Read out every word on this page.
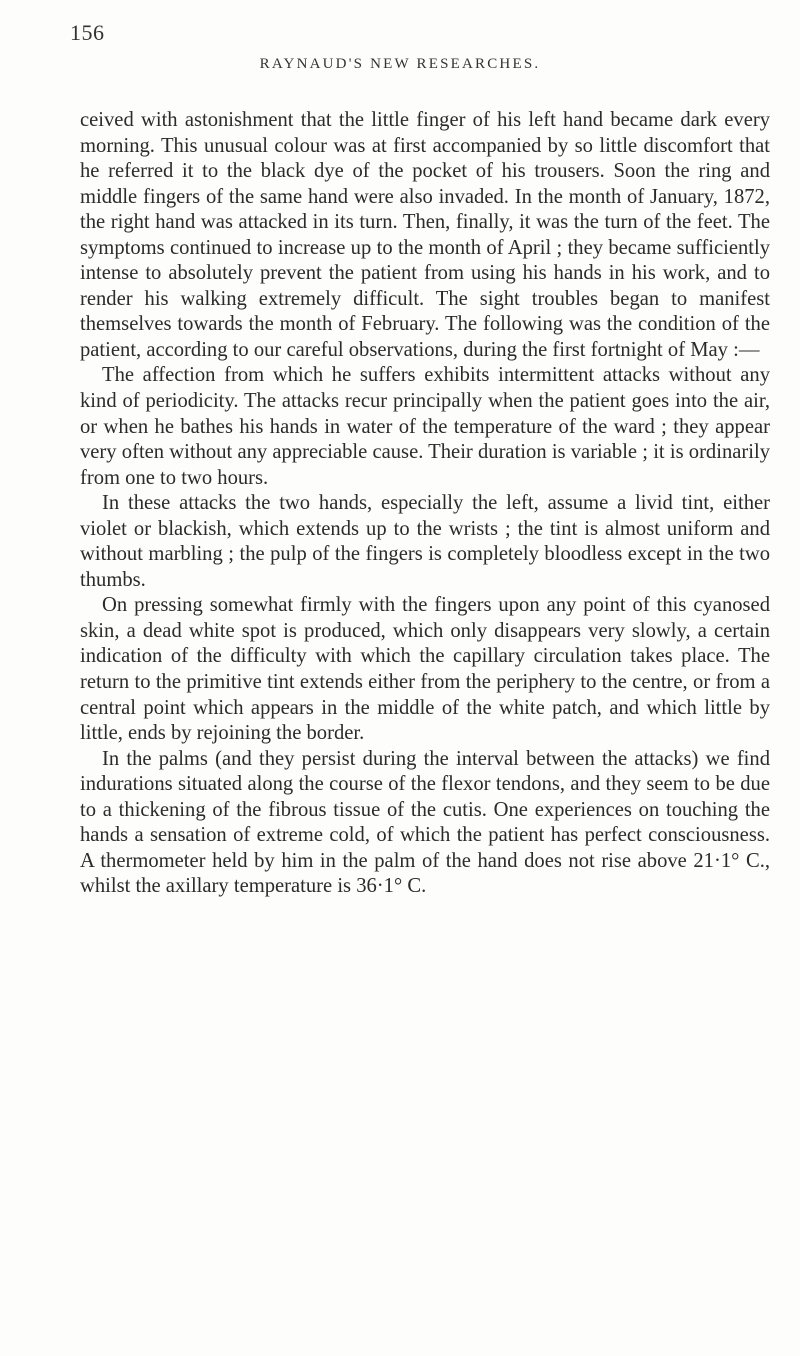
156
RAYNAUD'S NEW RESEARCHES.

ceived with astonishment that the little finger of his left hand became dark every morning. This unusual colour was at first accompanied by so little discomfort that he referred it to the black dye of the pocket of his trousers. Soon the ring and middle fingers of the same hand were also invaded. In the month of January, 1872, the right hand was attacked in its turn. Then, finally, it was the turn of the feet. The symptoms continued to increase up to the month of April ; they became sufficiently intense to absolutely prevent the patient from using his hands in his work, and to render his walking extremely difficult. The sight troubles began to manifest themselves towards the month of February. The following was the condition of the patient, according to our careful observations, during the first fortnight of May :—

The affection from which he suffers exhibits intermittent attacks without any kind of periodicity. The attacks recur principally when the patient goes into the air, or when he bathes his hands in water of the temperature of the ward ; they appear very often without any appreciable cause. Their duration is variable ; it is ordinarily from one to two hours.

In these attacks the two hands, especially the left, assume a livid tint, either violet or blackish, which extends up to the wrists ; the tint is almost uniform and without marbling ; the pulp of the fingers is completely bloodless except in the two thumbs.

On pressing somewhat firmly with the fingers upon any point of this cyanosed skin, a dead white spot is produced, which only disappears very slowly, a certain indication of the difficulty with which the capillary circulation takes place. The return to the primitive tint extends either from the periphery to the centre, or from a central point which appears in the middle of the white patch, and which little by little, ends by rejoining the border.

In the palms (and they persist during the interval between the attacks) we find indurations situated along the course of the flexor tendons, and they seem to be due to a thickening of the fibrous tissue of the cutis. One experiences on touching the hands a sensation of extreme cold, of which the patient has perfect consciousness. A thermometer held by him in the palm of the hand does not rise above 21·1° C., whilst the axillary temperature is 36·1° C.
